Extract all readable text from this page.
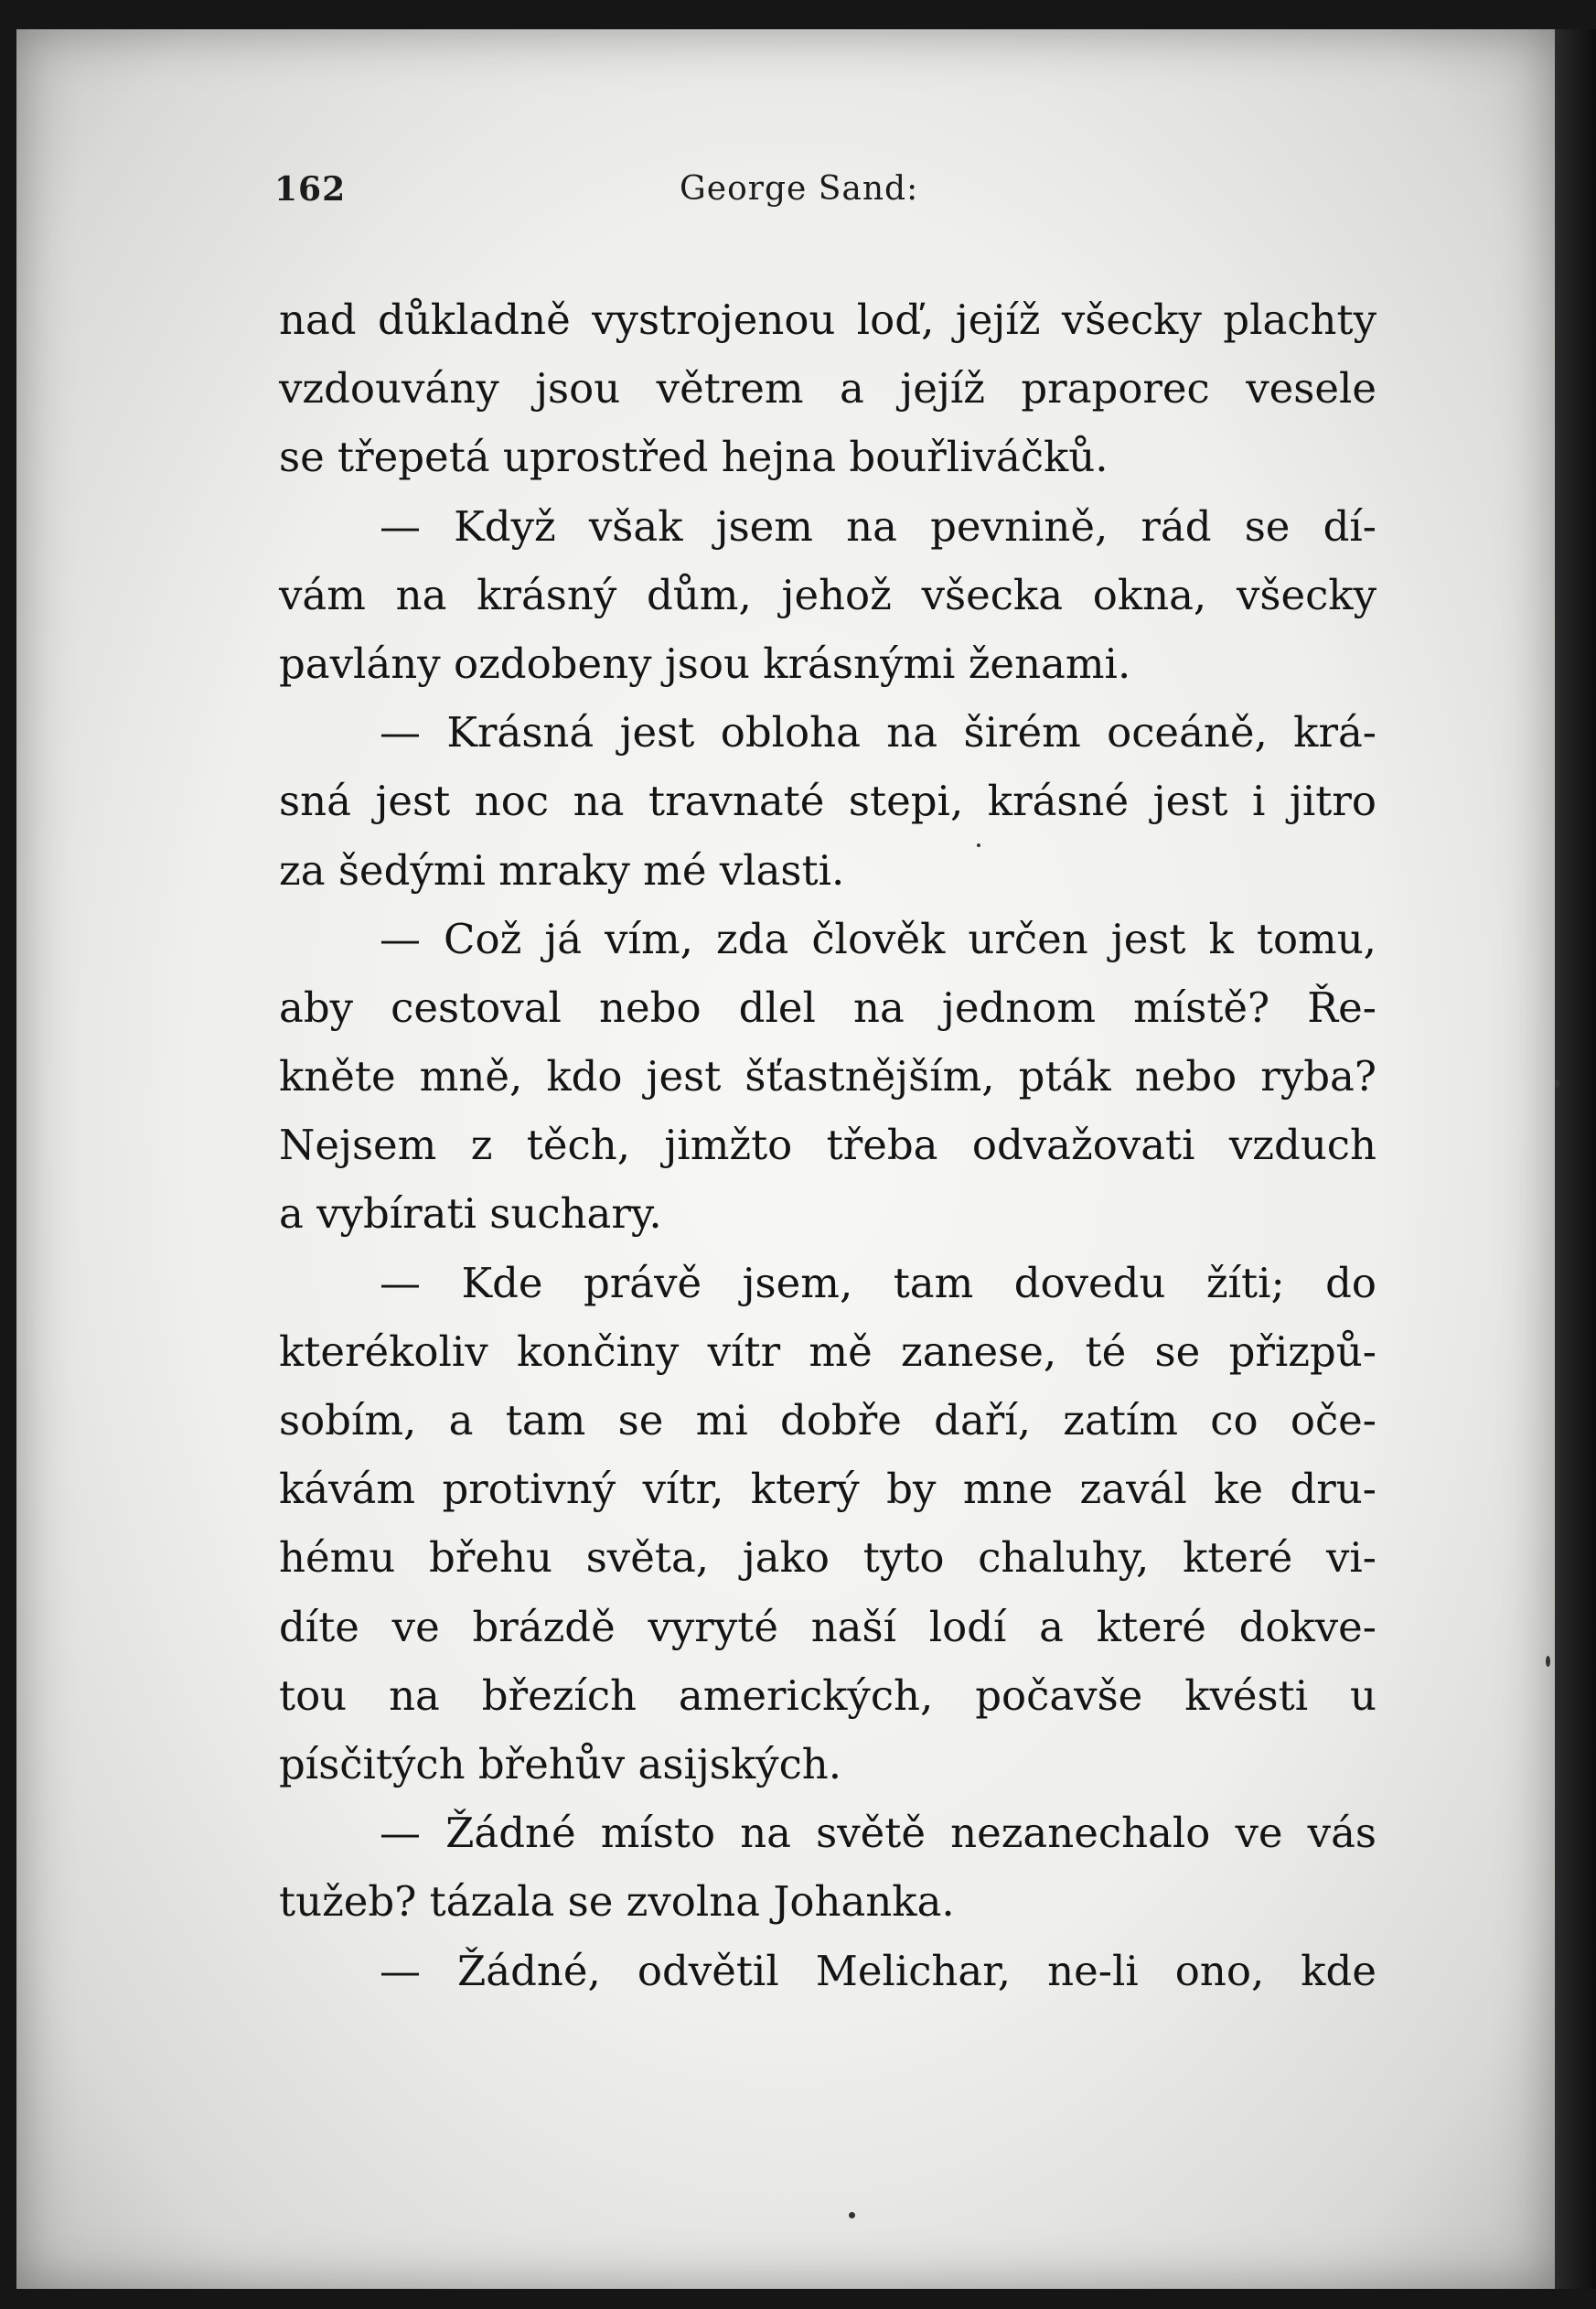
162	George Sand:
nad důkladně vystrojenou loď, jejíž všecky plachty
vzdouvány jsou větrem a jejíž praporec vesele
se třepetá uprostřed hejna bouřliváčků.
— Když však jsem na pevnině, rád se dí-
vám na krásný dům, jehož všecka okna, všecky
pavlány ozdobeny jsou krásnými ženami.
— Krásná jest obloha na širém oceáně, krá-
sná jest noc na travnaté stepi, krásné jest i jitro
za šedými mraky mé vlasti.
— Což já vím, zda člověk určen jest k tomu,
aby cestoval nebo dlel na jednom místě? Ře-
kněte mně, kdo jest šťastnějším, pták nebo ryba?
Nejsem z těch, jimžto třeba odvažovati vzduch
a vybírati suchary.
— Kde právě jsem, tam dovedu žíti; do
kterékoliv končiny vítr mě zanese, té se přizpů-
sobím, a tam se mi dobře daří, zatím co oče-
kávám protivný vítr, který by mne zavál ke dru-
hému břehu světa, jako tyto chaluhy, které vi-
díte ve brázdě vyryté naší lodí a které dokve-
tou na březích amerických, počavše kvésti u
písčitých břehův asijských.
— Žádné místo na světě nezanechalo ve vás
tužeb? tázala se zvolna Johanka.
— Žádné, odvětil Melichar, ne-li ono, kde
